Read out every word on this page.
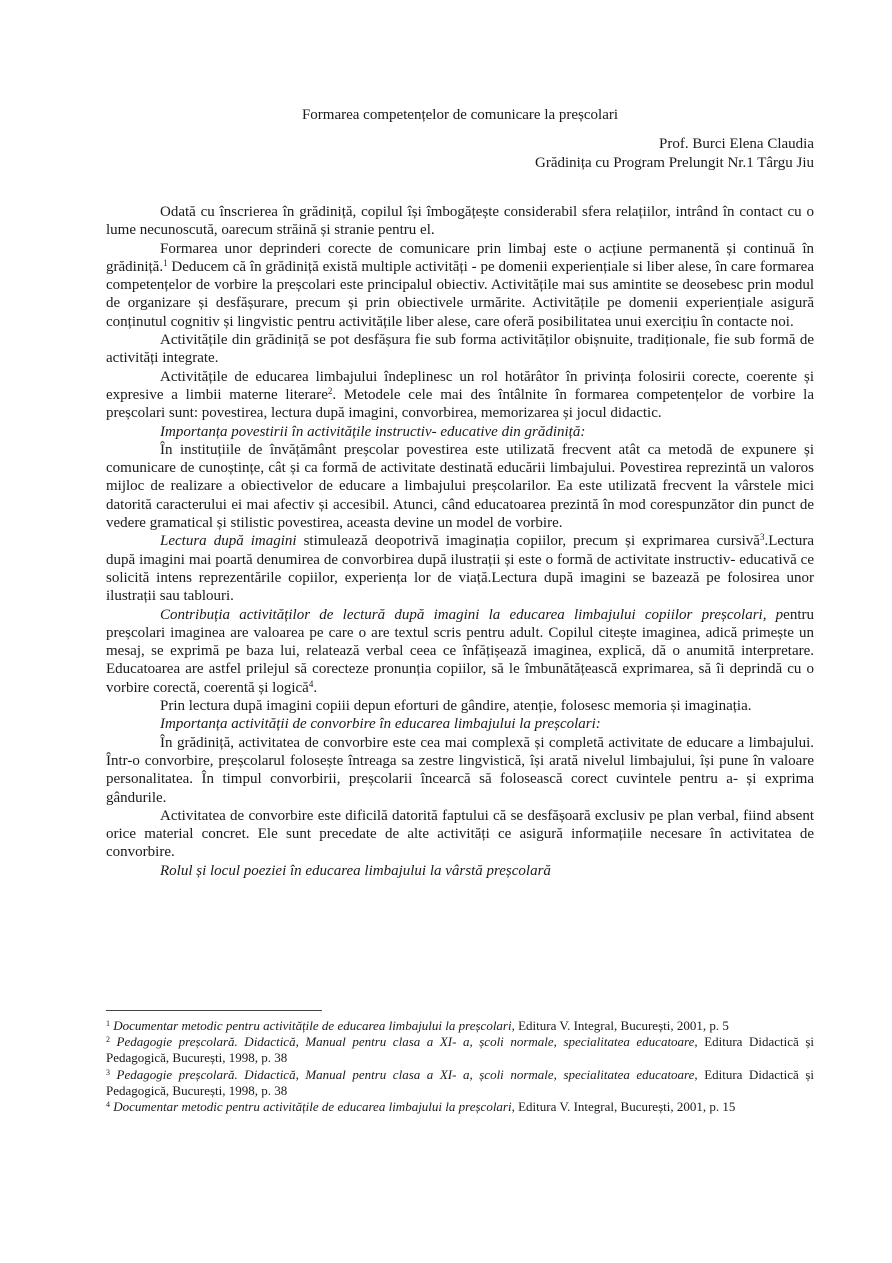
Formarea competențelor de comunicare la preșcolari
Prof. Burci Elena Claudia
Grădinița cu Program Prelungit Nr.1 Târgu Jiu

Odată cu înscrierea în grădiniță, copilul își îmbogățește considerabil sfera relațiilor, intrând în contact cu o lume necunoscută, oarecum străină și stranie pentru el.

Formarea unor deprinderi corecte de comunicare prin limbaj este o acțiune permanentă și continuă în grădiniță.$^1$ Deducem că în grădiniță există multiple activități - pe domenii experiențiale si liber alese, în care formarea competențelor de vorbire la preșcolari este principalul obiectiv. Activitățile mai sus amintite se deosebesc prin modul de organizare și desfășurare, precum și prin obiectivele urmărite. Activitățile pe domenii experiențiale asigură conținutul cognitiv și lingvistic pentru activitățile liber alese, care oferă posibilitatea unui exercițiu în contacte noi.

Activitățile din grădiniță se pot desfășura fie sub forma activităților obișnuite, tradiționale, fie sub formă de activități integrate.

Activitățile de educarea limbajului îndeplinesc un rol hotărâtor în privința folosirii corecte, coerente și expresive a limbii materne literare$^2$. Metodele cele mai des întâlnite în formarea competențelor de vorbire la preșcolari sunt: povestirea, lectura după imagini, convorbirea, memorizarea și jocul didactic.

Importanța povestirii în activitățile instructiv- educative din grădiniță:

În instituțiile de învățământ preșcolar povestirea este utilizată frecvent atât ca metodă de expunere și comunicare de cunoștințe, cât și ca formă de activitate destinată educării limbajului. Povestirea reprezintă un valoros mijloc de realizare a obiectivelor de educare a limbajului preșcolarilor. Ea este utilizată frecvent la vârstele mici datorită caracterului ei mai afectiv și accesibil. Atunci, când educatoarea prezintă în mod corespunzător din punct de vedere gramatical și stilistic povestirea, aceasta devine un model de vorbire.

Lectura după imagini stimulează deopotrivă imaginația copiilor, precum și exprimarea cursivă$^3$.Lectura după imagini mai poartă denumirea de convorbirea după ilustrații și este o formă de activitate instructiv- educativă ce solicită intens reprezentările copiilor, experiența lor de viață.Lectura după imagini se bazează pe folosirea unor ilustrații sau tablouri.

Contribuția activităților de lectură după imagini la educarea limbajului copiilor preșcolari, pentru preșcolari imaginea are valoarea pe care o are textul scris pentru adult. Copilul citește imaginea, adică primește un mesaj, se exprimă pe baza lui, relatează verbal ceea ce înfățișează imaginea, explică, dă o anumită interpretare. Educatoarea are astfel prilejul să corecteze pronunția copiilor, să le îmbunătățească exprimarea, să îi deprindă cu o vorbire corectă, coerentă și logică$^4$.

Prin lectura după imagini copiii depun eforturi de gândire, atenție, folosesc memoria și imaginația.

Importanța activității de convorbire în educarea limbajului la preșcolari:

În grădiniță, activitatea de convorbire este cea mai complexă și completă activitate de educare a limbajului. Într-o convorbire, preșcolarul folosește întreaga sa zestre lingvistică, își arată nivelul limbajului, își pune în valoare personalitatea. În timpul convorbirii, preșcolarii încearcă să folosească corect cuvintele pentru a- și exprima gândurile.

Activitatea de convorbire este dificilă datorită faptului că se desfășoară exclusiv pe plan verbal, fiind absent orice material concret. Ele sunt precedate de alte activități ce asigură informațiile necesare în activitatea de convorbire.

Rolul și locul poeziei în educarea limbajului la vârstă preșcolară

$^1$ Documentar metodic pentru activitățile de educarea limbajului la preșcolari, Editura V. Integral, București, 2001, p. 5

$^2$ Pedagogie preșcolară. Didactică, Manual pentru clasa a XI- a, școli normale, specialitatea educatoare, Editura Didactică și Pedagogică, București, 1998, p. 38

$^3$ Pedagogie preșcolară. Didactică, Manual pentru clasa a XI- a, școli normale, specialitatea educatoare, Editura Didactică și Pedagogică, București, 1998, p. 38

$^4$ Documentar metodic pentru activitățile de educarea limbajului la preșcolari, Editura V. Integral, București, 2001, p. 15
